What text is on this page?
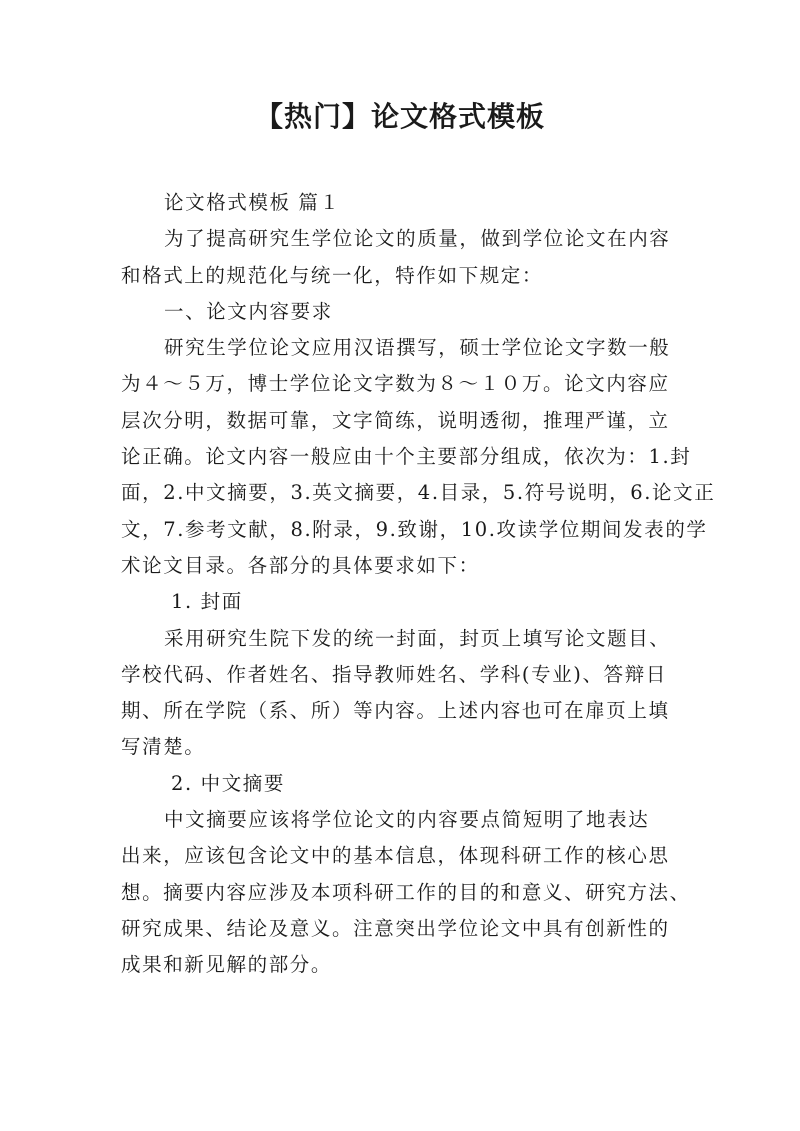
【热门】论文格式模板
论文格式模板 篇１
为了提高研究生学位论文的质量，做到学位论文在内容
和格式上的规范化与统一化，特作如下规定：
一、论文内容要求
研究生学位论文应用汉语撰写，硕士学位论文字数一般
为４～５万，博士学位论文字数为８～１０万。论文内容应
层次分明，数据可靠，文字简练，说明透彻，推理严谨，立
论正确。论文内容一般应由十个主要部分组成，依次为：1.封
面，2.中文摘要，3.英文摘要，4.目录，5.符号说明，6.论文正
文，7.参考文献，8.附录，9.致谢，10.攻读学位期间发表的学
术论文目录。各部分的具体要求如下：
1. 封面
采用研究生院下发的统一封面，封页上填写论文题目、
学校代码、作者姓名、指导教师姓名、学科(专业)、答辩日
期、所在学院（系、所）等内容。上述内容也可在扉页上填
写清楚。
2. 中文摘要
中文摘要应该将学位论文的内容要点简短明了地表达
出来，应该包含论文中的基本信息，体现科研工作的核心思
想。摘要内容应涉及本项科研工作的目的和意义、研究方法、
研究成果、结论及意义。注意突出学位论文中具有创新性的
成果和新见解的部分。
